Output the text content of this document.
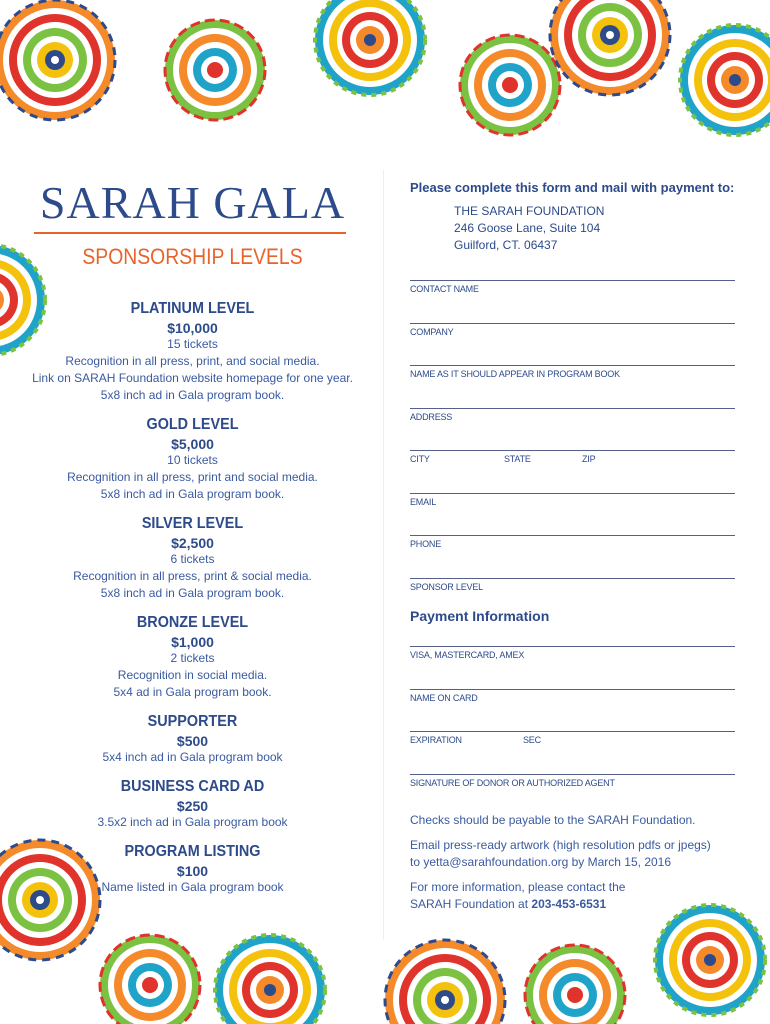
SARAH GALA
SPONSORSHIP LEVELS
PLATINUM LEVEL
$10,000
15 tickets
Recognition in all press, print, and social media.
Link on SARAH Foundation website homepage for one year.
5x8 inch ad in Gala program book.
GOLD LEVEL
$5,000
10 tickets
Recognition in all press, print and social media.
5x8 inch ad in Gala program book.
SILVER LEVEL
$2,500
6 tickets
Recognition in all press, print & social media.
5x8 inch ad in Gala program book.
BRONZE LEVEL
$1,000
2 tickets
Recognition in social media.
5x4 ad in Gala program book.
SUPPORTER
$500
5x4 inch ad in Gala program book
BUSINESS CARD AD
$250
3.5x2 inch ad in Gala program book
PROGRAM LISTING
$100
Name listed in Gala program book
Please complete this form and mail with payment to:
THE SARAH FOUNDATION
246 Goose Lane, Suite 104
Guilford, CT. 06437
CONTACT NAME
COMPANY
NAME AS IT SHOULD APPEAR IN PROGRAM BOOK
ADDRESS
CITY	STATE	ZIP
EMAIL
PHONE
SPONSOR LEVEL
Payment Information
VISA, MASTERCARD, AMEX
NAME ON CARD
EXPIRATION	SEC
SIGNATURE OF DONOR OR AUTHORIZED AGENT

Checks should be payable to the SARAH Foundation.

Email press-ready artwork (high resolution pdfs or jpegs)
to yetta@sarahfoundation.org by March 15, 2016

For more information, please contact the
SARAH Foundation at 203-453-6531
